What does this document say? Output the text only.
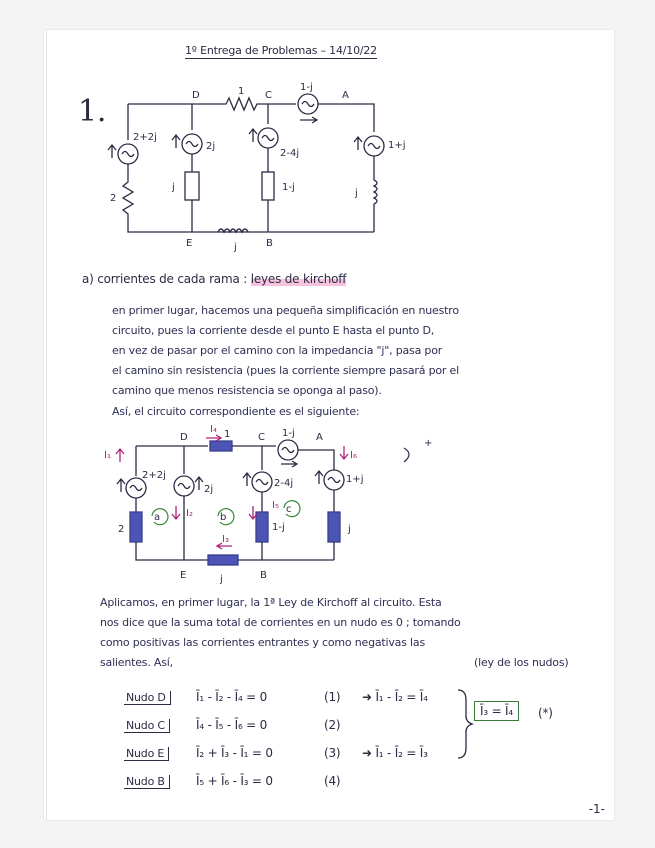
1º Entrega de Problemas – 14/10/22
1.	D	C	A
E	B
1	1-j
2+2j
2
2j
j
2-4j
1-j
1+j
j
j
a) corrientes de cada rama : leyes de kirchoff
en primer lugar, hacemos una pequeña simplificación en nuestro
circuito, pues la corriente desde el punto E hasta el punto D,
en vez de pasar por el camino con la impedancia "j", pasa por
el camino sin resistencia (pues la corriente siempre pasará por el
camino que menos resistencia se oponga al paso).
Así, el circuito correspondiente es el siguiente:
D	C	A
E	B
1	1-j
2+2j
2
2j
2-4j
1-j
1+j
j
j
I₁
I₄
I₆
I₂
I₅
I₃
a	b
c
+
Aplicamos, en primer lugar, la 1ª Ley de Kirchoff al circuito. Esta
nos dice que la suma total de corrientes en un nudo es 0 ; tomando
como positivas las corrientes entrantes y como negativas las
salientes. Así,	(ley de los nudos)
Nudo D	Ī₁ - Ī₂ - Ī₄ = 0	(1) ➜ Ī₁ - Ī₂ = Ī₄
Nudo C	Ī₄ - Ī₅ - Ī₆ = 0	(2)
Nudo E	Ī₂ + Ī₃ - Ī₁ = 0	(3) ➜ Ī₁ - Ī₂ = Ī₃
Nudo B	Ī₅ + Ī₆ - Ī₃ = 0	(4)
Ī₃ = Ī₄	(*)
-1-
